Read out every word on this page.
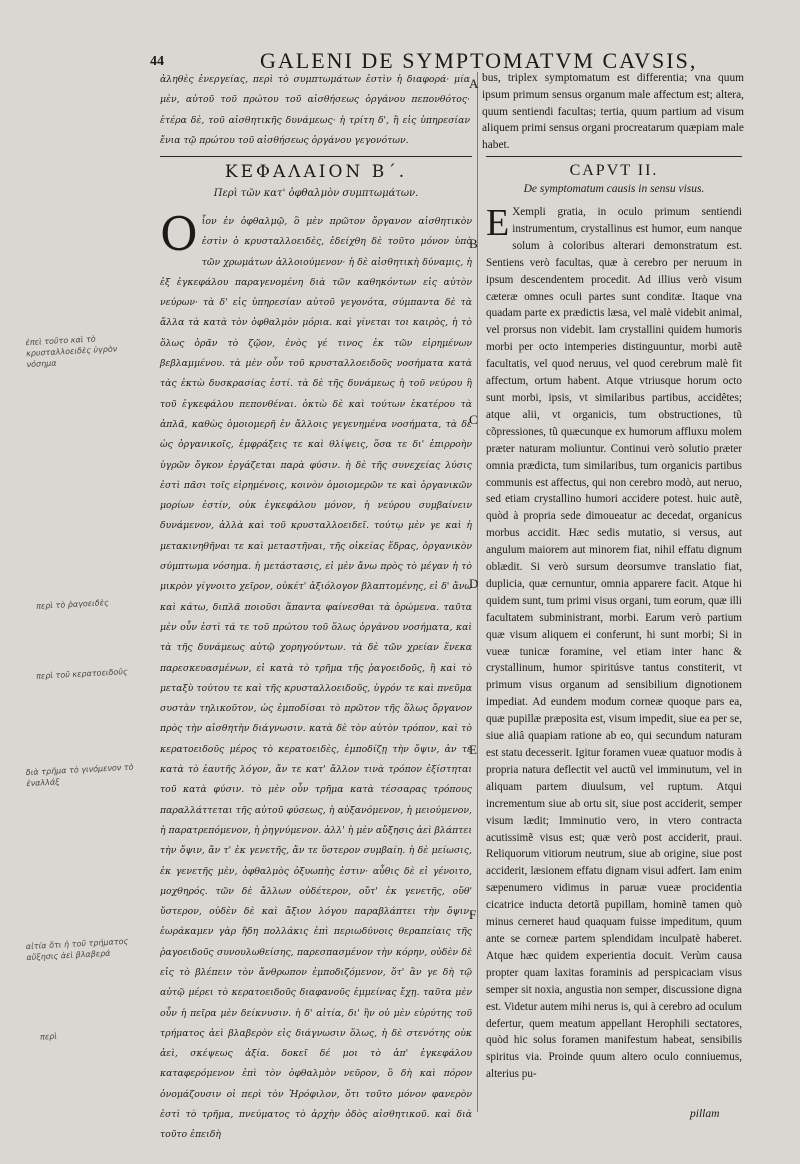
44	GALENI DE SYMPTOMATVM CAVSIS,
ἀληθὲς ἐνεργείας, περὶ τὸ συμπτωμάτων ἐστὶν ἡ διαφορά· μία μὲν, αὐτοῦ τοῦ πρώτου τοῦ αἰσθήσεως ὀργάνου πεπονθότος· ἑτέρα δὲ, τοῦ αἰσθητικῆς δυνάμεως· ἡ τρίτη δ', ἢ εἰς ὑπηρεσίαν ἔνια τῷ πρώτου τοῦ αἰσθήσεως ὀργάνου γεγονότων.
bus, triplex symptomatum est differentia; vna quum ipsum primum sensus organum male affectum est; altera, quum sentiendi facultas; tertia, quum partium ad visum aliquem primi sensus organi procreatarum quæpiam male habet.
ΚΕΦΑΛΑΙΟΝ Β΄.
Περὶ τῶν κατ' ὀφθαλμὸν συμπτωμάτων.
CAPVT II.
De symptomatum causis in sensu visus.
O ἷον ἐν ὀφθαλμῷ, ὃ μὲν πρῶτον ὄργανον αἰσθητικὸν ἐστὶν ὁ κρυσταλλοειδὲς, ἐδείχθη δὲ τοῦτο μόνον ὑπὸ τῶν χρωμάτων ἀλλοιούμενον· ἡ δὲ αἰσθητικὴ δύναμις, ἡ ἐξ ἐγκεφάλου παραγενομένη διὰ τῶν καθηκόντων εἰς αὐτὸν νεύρων· τὰ δ' εἰς ὑπηρεσίαν αὐτοῦ γεγονότα, σύμπαντα δὲ τὰ ἄλλα τὰ κατὰ τὸν ὀφθαλμὸν μόρια. καὶ γίνεται τοι καιρὸς, ἡ τὸ ὅλως ὁρᾶν τὸ ζῷον, ἑνὸς γέ τινος ἐκ τῶν εἰρημένων βεβλαμμένου. τὰ μὲν οὖν τοῦ κρυσταλλοειδοῦς νοσήματα κατὰ τὰς ἐκτὼ δυσκρασίας ἐστί. τὰ δὲ τῆς δυνάμεως ἡ τοῦ νεύρου ἢ τοῦ ἐγκεφάλου πεπονθέναι. ὀκτὼ δὲ καὶ τούτων ἑκατέρου τὰ ἀπλᾶ, καθὼς ὁμοιομερῆ ἐν ἄλλοις γεγενημένα νοσήματα, τὰ δὲ ὡς ὀργανικοῖς, ἐμφράξεις τε καὶ θλίψεις, ὅσα τε δι' ἐπιρροὴν ὑγρῶν ὄγκον ἐργάζεται παρὰ φύσιν. ἡ δὲ τῆς συνεχείας λύσις ἐστὶ πᾶσι τοῖς εἰρημένοις, κοινὸν ὁμοιομερῶν τε καὶ ὀργανικῶν μορίων ἐστίν, οὐκ ἐγκεφάλου μόνον, ἡ νεύρου συμβαίνειν δυνάμενον, ἀλλὰ καὶ τοῦ κρυσταλλοειδεῖ. τούτῳ μὲν γε καὶ ἡ μετακινηθῆναι τε καὶ μεταστῆναι, τῆς οἰκείας ἕδρας, ὀργανικὸν σύμπτωμα νόσημα. ἡ μετάστασις, εἰ μὲν ἄνω πρὸς τὸ μέγαν ἡ τὸ μικρὸν γίγνοιτο χεῖρον, οὐκέτ' ἀξιόλογον βλαπτομένης, εἰ δ' ἄνω καὶ κάτω, διπλᾶ ποιοῦσι ἅπαντα φαίνεσθαι τὰ ὁρώμενα. ταῦτα μὲν οὖν ἐστὶ τά τε τοῦ πρώτου τοῦ ὅλως ὀργάνου νοσήματα, καὶ τὰ τῆς δυνάμεως αὐτῷ χορηγούντων. τὰ δὲ τῶν χρείαν ἕνεκα παρεσκευασμένων, εἰ κατὰ τὸ τρῆμα τῆς ῥαγοειδοῦς, ἢ καὶ τὸ μεταξὺ τούτου τε καὶ τῆς κρυσταλλοειδοῦς, ὑγρόν τε καὶ πνεῦμα συστὰν τηλικοῦτον, ὡς ἐμποδίσαι τὸ πρῶτον τῆς ὅλως ὄργανον πρὸς τὴν αἰσθητὴν διάγνωσιν. κατὰ δὲ τὸν αὐτὸν τρόπον, καὶ τὸ κερατοειδοῦς μέρος τὸ κερατοειδὲς, ἐμποδίζῃ τὴν ὄψιν, ἀν τε κατὰ τὸ ἑαυτῆς λόγον, ἄν τε κατ' ἄλλον τινὰ τρόπον ἐξίστηται τοῦ κατὰ φύσιν. τὸ μὲν οὖν τρῆμα κατὰ τέσσαρας τρόπους παραλλάττεται τῆς αὐτοῦ φύσεως, ἡ αὐξανόμενον, ἡ μειούμενον, ἡ παρατρεπόμενον, ἡ ῥηγνύμενον. ἀλλ' ἡ μὲν αὔξησις ἀεὶ βλάπτει τὴν ὄψιν, ἄν τ' ἐκ γενετῆς, ἄν τε ὕστερον συμβαίη. ἡ δὲ μείωσις, ἐκ γενετῆς μὲν, ὀφθαλμὸς ὀξυωπὴς ἐστιν· αὖθις δὲ εἰ γένοιτο, μοχθηρός. τῶν δὲ ἄλλων οὐδέτερον, οὔτ' ἐκ γενετῆς, οὔθ' ὕστερον, οὐδὲν δὲ καὶ ἄξιον λόγου παραβλάπτει τὴν ὄψιν. ἑωράκαμεν γὰρ ἤδη πολλάκις ἐπὶ περιωδύνοις θεραπείαις τῆς ῥαγοειδοῦς συνουλωθείσης, παρεσπασμένον τὴν κόρην, οὐδὲν δὲ εἰς τὸ βλέπειν τὸν ἄνθρωπον ἐμποδιζόμενον, ὅτ' ἂν γε δὴ τῷ αὐτῷ μέρει τὸ κερατοειδοῦς διαφανοῦς ἐμμείνας ἔχῃ. ταῦτα μὲν οὖν ἡ πεῖρα μὲν δείκνυσιν. ἡ δ' αἰτία, δι' ἣν οὐ μὲν εὐρύτης τοῦ τρήματος ἀεὶ βλαβερὸν εἰς διάγνωσιν ὅλως, ἡ δὲ στενότης οὐκ ἀεὶ, σκέψεως ἀξία. δοκεῖ δέ μοι τὸ ἀπ' ἐγκεφάλου καταφερόμενον ἐπὶ τὸν ὀφθαλμὸν νεῦρον, ὃ δὴ καὶ πόρον ὀνομάζουσιν οἱ περὶ τὸν Ἡρόφιλον, ὅτι τοῦτο μόνον φανερὸν ἐστὶ τὸ τρῆμα, πνεύματος τὸ ἀρχὴν ὁδὸς αἰσθητικοῦ. καὶ διὰ τοῦτο ἐπειδὴ
E Xempli gratia, in oculo primum sentiendi instrumentum, crystallinus est humor, eum nanque solum à coloribus alterari demonstratum est. Sentiens verò facultas, quæ à cerebro per neruum in ipsum descendentem procedit. Ad illius verò visum cæteræ omnes oculi partes sunt conditæ. Itaque vna quadam parte ex prædictis læsa, vel malè videbit animal, vel prorsus non videbit. Iam crystallini quidem humoris morbi per octo intemperies distinguuntur, morbi autẽ facultatis, vel quod neruus, vel quod cerebrum malè fit affectum, ortum habent. Atque vtriusque horum octo sunt morbi, ipsis, vt similaribus partibus, accidêtes; atque alii, vt organicis, tum obstructiones, tũ cõpressiones, tũ quæcunque ex humorum affluxu molem præter naturam moliuntur. Continui verò solutio præter omnia prædicta, tum similaribus, tum organicis partibus communis est affectus, qui non cerebro modò, aut neruo, sed etiam crystallino humori accidere potest. huic autẽ, quòd à propria sede dimoueatur ac decedat, organicus morbus accidit. Hæc sedis mutatio, si versus, aut angulum maiorem aut minorem fiat, nihil effatu dignum oblædit. Si verò sursum deorsumve translatio fiat, duplicia, quæ cernuntur, omnia apparere facit. Atque hi quidem sunt, tum primi visus organi, tum eorum, quæ illi facultatem subministrant, morbi. Earum verò partium quæ visum aliquem ei conferunt, hi sunt morbi; Si in vueæ tunicæ foramine, vel etiam inter hanc & crystallinum, humor spiritúsve tantus constiterit, vt primum visus organum ad sensibilium dignotionem impediat. Ad eundem modum corneæ quoque pars ea, quæ pupillæ præposita est, visum impedit, siue ea per se, siue aliâ quapiam ratione ab eo, qui secundum naturam est statu decesserit. Igitur foramen vueæ quatuor modis à propria natura deflectit vel auctũ vel imminutum, vel in aliquam partem diuulsum, vel ruptum. Atqui incrementum siue ab ortu sit, siue post acciderit, semper visum lædit; Imminutio vero, in vtero contracta acutissimẽ visus est; quæ verò post acciderit, praui. Reliquorum vitiorum neutrum, siue ab origine, siue post acciderit, læsionem effatu dignam visui adfert. Iam enim sæpenumero vidimus in paruæ vueæ procidentia cicatrice inducta detortã pupillam, hominẽ tamen quò minus cerneret haud quaquam fuisse impeditum, quum ante se corneæ partem splendidam inculpatè haberet. Atque hæc quidem experientia docuit. Verùm causa propter quam laxitas foraminis ad perspicaciam visus semper sit noxia, angustia non semper, discussione digna est. Videtur autem mihi nerus is, qui à cerebro ad oculum defertur, quem meatum appellant Herophili sectatores, quòd hic solus foramen manifestum habeat, sensibilis spiritus via. Proinde quum altero oculo conniuemus, alterius pu-
A
B
C
D
E
F
ἐπεὶ τοῦτο καὶ τὸ κρυσταλλοειδὲς ὑγρὸν νόσημα
περὶ τὸ ῥαγοειδὲς
περὶ τοῦ κερατοειδοῦς
διὰ τρῆμα τὸ γινόμενον τὸ ἐναλλάξ
αἰτία ὅτι ἡ τοῦ τρήματος αὔξησις ἀεὶ βλαβερά
περὶ
pillam
